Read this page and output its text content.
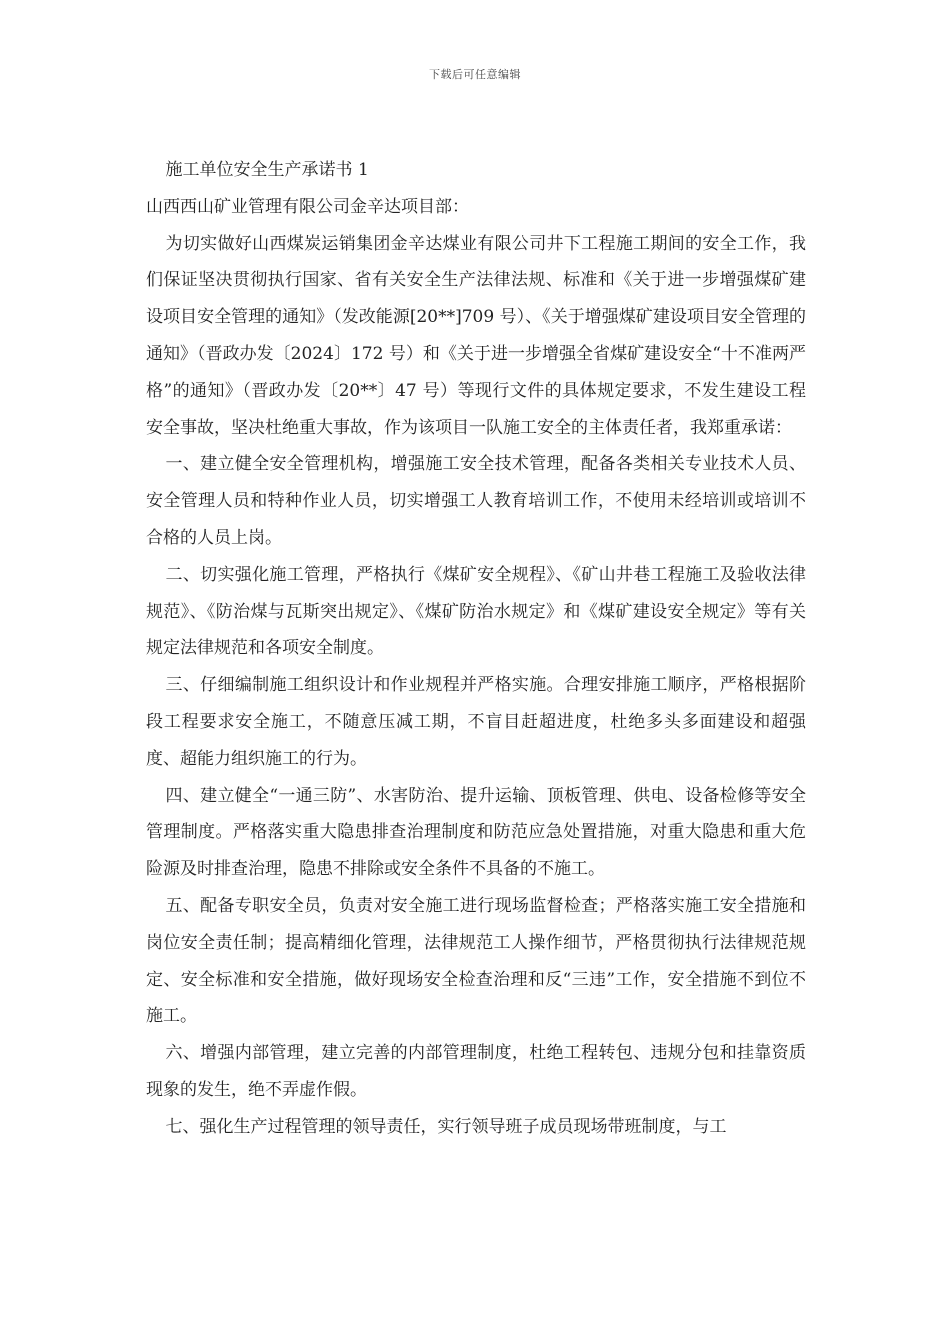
下载后可任意编辑

施工单位安全生产承诺书 1

山西西山矿业管理有限公司金辛达项目部：

为切实做好山西煤炭运销集团金辛达煤业有限公司井下工程施工期间的安全工作，我们保证坚决贯彻执行国家、省有关安全生产法律法规、标准和《关于进一步增强煤矿建设项目安全管理的通知》（发改能源[20**]709 号）、《关于增强煤矿建设项目安全管理的通知》（晋政办发〔2024〕172 号）和《关于进一步增强全省煤矿建设安全“十不准两严格”的通知》（晋政办发〔20**〕47 号）等现行文件的具体规定要求，不发生建设工程安全事故，坚决杜绝重大事故，作为该项目一队施工安全的主体责任者，我郑重承诺：

一、建立健全安全管理机构，增强施工安全技术管理，配备各类相关专业技术人员、安全管理人员和特种作业人员，切实增强工人教育培训工作，不使用未经培训或培训不合格的人员上岗。

二、切实强化施工管理，严格执行《煤矿安全规程》、《矿山井巷工程施工及验收法律规范》、《防治煤与瓦斯突出规定》、《煤矿防治水规定》和《煤矿建设安全规定》等有关规定法律规范和各项安全制度。

三、仔细编制施工组织设计和作业规程并严格实施。合理安排施工顺序，严格根据阶段工程要求安全施工，不随意压减工期，不盲目赶超进度，杜绝多头多面建设和超强度、超能力组织施工的行为。

四、建立健全“一通三防”、水害防治、提升运输、顶板管理、供电、设备检修等安全管理制度。严格落实重大隐患排查治理制度和防范应急处置措施，对重大隐患和重大危险源及时排查治理，隐患不排除或安全条件不具备的不施工。

五、配备专职安全员，负责对安全施工进行现场监督检查；严格落实施工安全措施和岗位安全责任制；提高精细化管理，法律规范工人操作细节，严格贯彻执行法律规范规定、安全标准和安全措施，做好现场安全检查治理和反“三违”工作，安全措施不到位不施工。

六、增强内部管理，建立完善的内部管理制度，杜绝工程转包、违规分包和挂靠资质现象的发生，绝不弄虚作假。

七、强化生产过程管理的领导责任，实行领导班子成员现场带班制度，与工
